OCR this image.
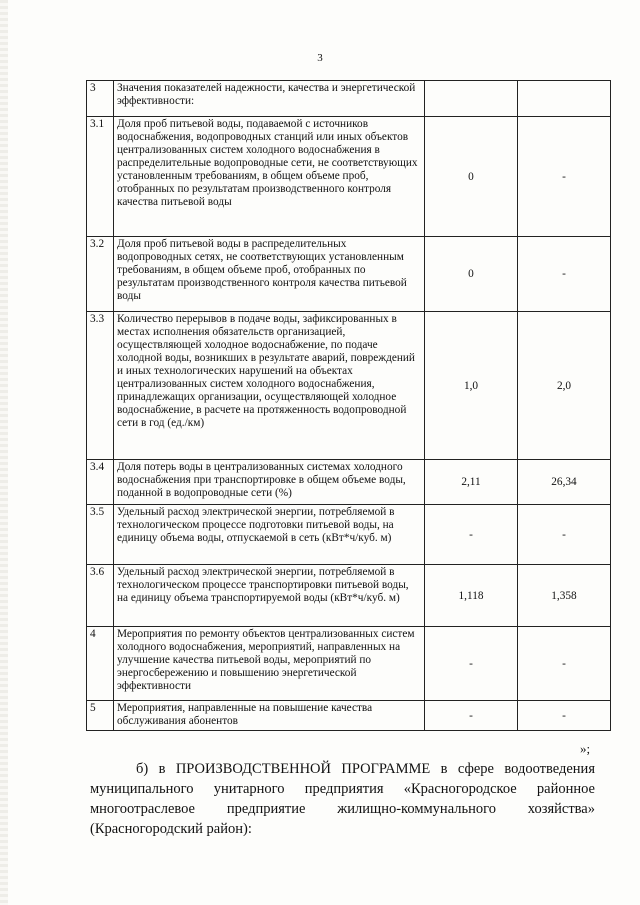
3
3	Значения показателей надежности, качества и энергетической эффективности:		
3.1	Доля проб питьевой воды, подаваемой с источников водоснабжения, водопроводных станций или иных объектов централизованных систем холодного водоснабжения в распределительные водопроводные сети, не соответствующих установленным требованиям, в общем объеме проб, отобранных по результатам производственного контроля качества питьевой воды	0	-
3.2	Доля проб питьевой воды в распределительных водопроводных сетях, не соответствующих установленным требованиям, в общем объеме проб, отобранных по результатам производственного контроля качества питьевой воды	0	-
3.3	Количество перерывов в подаче воды, зафиксированных в местах исполнения обязательств организацией, осуществляющей холодное водоснабжение, по подаче холодной воды, возникших в результате аварий, повреждений и иных технологических нарушений на объектах централизованных систем холодного водоснабжения, принадлежащих организации, осуществляющей холодное водоснабжение, в расчете на протяженность водопроводной сети в год (ед./км)	1,0	2,0
3.4	Доля потерь воды в централизованных системах холодного водоснабжения при транспортировке в общем объеме воды, поданной в водопроводные сети (%)	2,11	26,34
3.5	Удельный расход электрической энергии, потребляемой в технологическом процессе подготовки питьевой воды, на единицу объема воды, отпускаемой в сеть (кВт*ч/куб. м)	-	-
3.6	Удельный расход электрической энергии, потребляемой в технологическом процессе транспортировки питьевой воды, на единицу объема транспортируемой воды (кВт*ч/куб. м)	1,118	1,358
4	Мероприятия по ремонту объектов централизованных систем холодного водоснабжения, мероприятий, направленных на улучшение качества питьевой воды, мероприятий по энергосбережению и повышению энергетической эффективности	-	-
5	Мероприятия, направленные на повышение качества обслуживания абонентов	-	-
»;
б) в ПРОИЗВОДСТВЕННОЙ ПРОГРАММЕ в сфере водоотведения
муниципального унитарного предприятия «Красногородское районное
многоотраслевое предприятие жилищно-коммунального хозяйства»
(Красногородский район):
